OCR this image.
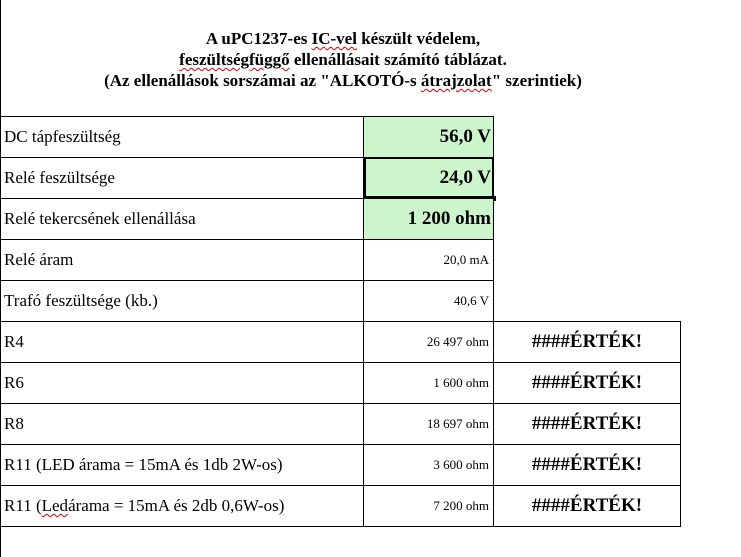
A uPC1237-es IC-vel készült védelem,
feszültségfüggő ellenállásait számító táblázat.
(Az ellenállások sorszámai az "ALKOTÓ-s átrajzolat" szerintiek)
DC tápfeszültség	56,0 V
Relé feszültsége	24,0 V
Relé tekercsének ellenállása	1 200 ohm
Relé áram	20,0 mA
Trafó feszültsége (kb.)	40,6 V
R4	26 497 ohm	####ÉRTÉK!
R6	1 600 ohm	####ÉRTÉK!
R8	18 697 ohm	####ÉRTÉK!
R11 (LED árama = 15mA és 1db 2W-os)	3 600 ohm	####ÉRTÉK!
R11 ( Led árama = 15mA és 2db 0,6W-os)	7 200 ohm	####ÉRTÉK!
